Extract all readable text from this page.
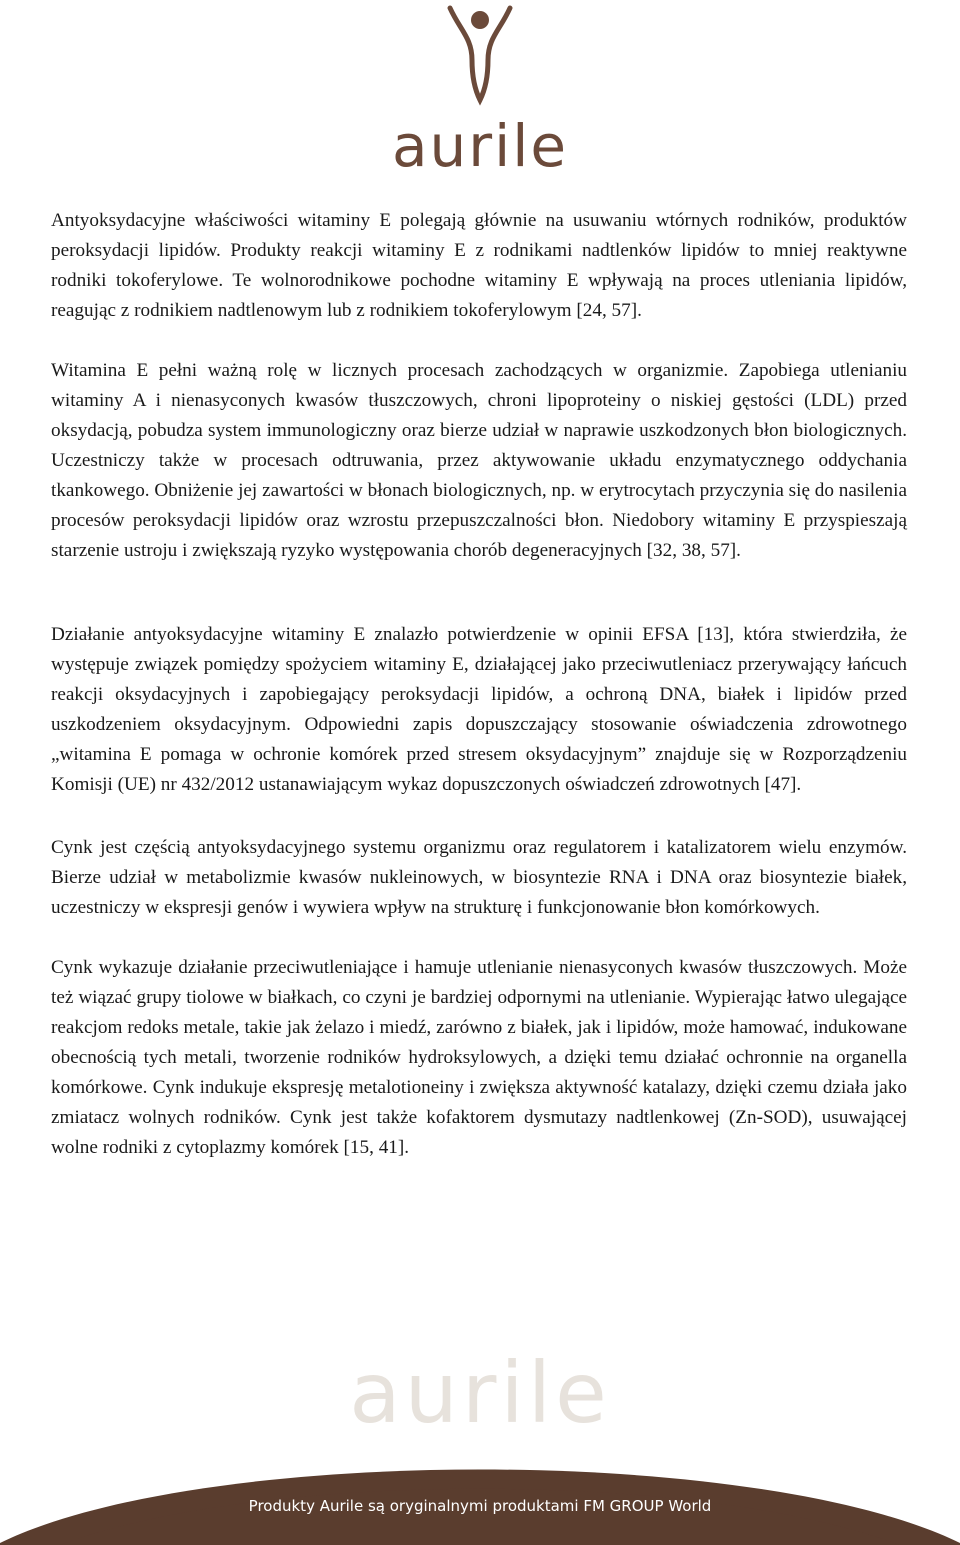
aurile

Antyoksydacyjne właściwości witaminy E polegają głównie na usuwaniu wtórnych rodników, produktów peroksydacji lipidów. Produkty reakcji witaminy E z rodnikami nadtlenków lipidów to mniej reaktywne rodniki tokoferylowe. Te wolnorodnikowe pochodne witaminy E wpływają na proces utleniania lipidów, reagując z rodnikiem nadtlenowym lub z rodnikiem tokoferylowym [24, 57].

Witamina E pełni ważną rolę w licznych procesach zachodzących w organizmie. Zapobiega utlenianiu witaminy A i nienasyconych kwasów tłuszczowych, chroni lipoproteiny o niskiej gęstości (LDL) przed oksydacją, pobudza system immunologiczny oraz bierze udział w naprawie uszkodzonych błon biologicznych. Uczestniczy także w procesach odtruwania, przez aktywowanie układu enzymatycznego oddychania tkankowego. Obniżenie jej zawartości w błonach biologicznych, np. w erytrocytach przyczynia się do nasilenia procesów peroksydacji lipidów oraz wzrostu przepuszczalności błon. Niedobory witaminy E przyspieszają starzenie ustroju i zwiększają ryzyko występowania chorób degeneracyjnych [32, 38, 57].

Działanie antyoksydacyjne witaminy E znalazło potwierdzenie w opinii EFSA [13], która stwierdziła, że występuje związek pomiędzy spożyciem witaminy E, działającej jako przeciwutleniacz przerywający łańcuch reakcji oksydacyjnych i zapobiegający peroksydacji lipidów, a ochroną DNA, białek i lipidów przed uszkodzeniem oksydacyjnym. Odpowiedni zapis dopuszczający stosowanie oświadczenia zdrowotnego „witamina E pomaga w ochronie komórek przed stresem oksydacyjnym” znajduje się w Rozporządzeniu Komisji (UE) nr 432/2012 ustanawiającym wykaz dopuszczonych oświadczeń zdrowotnych [47].

Cynk jest częścią antyoksydacyjnego systemu organizmu oraz regulatorem i katalizatorem wielu enzymów. Bierze udział w metabolizmie kwasów nukleinowych, w biosyntezie RNA i DNA oraz biosyntezie białek, uczestniczy w ekspresji genów i wywiera wpływ na strukturę i funkcjonowanie błon komórkowych.

Cynk wykazuje działanie przeciwutleniające i hamuje utlenianie nienasyconych kwasów tłuszczowych. Może też wiązać grupy tiolowe w białkach, co czyni je bardziej odpornymi na utlenianie. Wypierając łatwo ulegające reakcjom redoks metale, takie jak żelazo i miedź, zarówno z białek, jak i lipidów, może hamować, indukowane obecnością tych metali, tworzenie rodników hydroksylowych, a dzięki temu działać ochronnie na organella komórkowe. Cynk indukuje ekspresję metalotioneiny i zwiększa aktywność katalazy, dzięki czemu działa jako zmiatacz wolnych rodników. Cynk jest także kofaktorem dysmutazy nadtlenkowej (Zn-SOD), usuwającej wolne rodniki z cytoplazmy komórek [15, 41].

aurile
Produkty Aurile są oryginalnymi produktami FM GROUP World
